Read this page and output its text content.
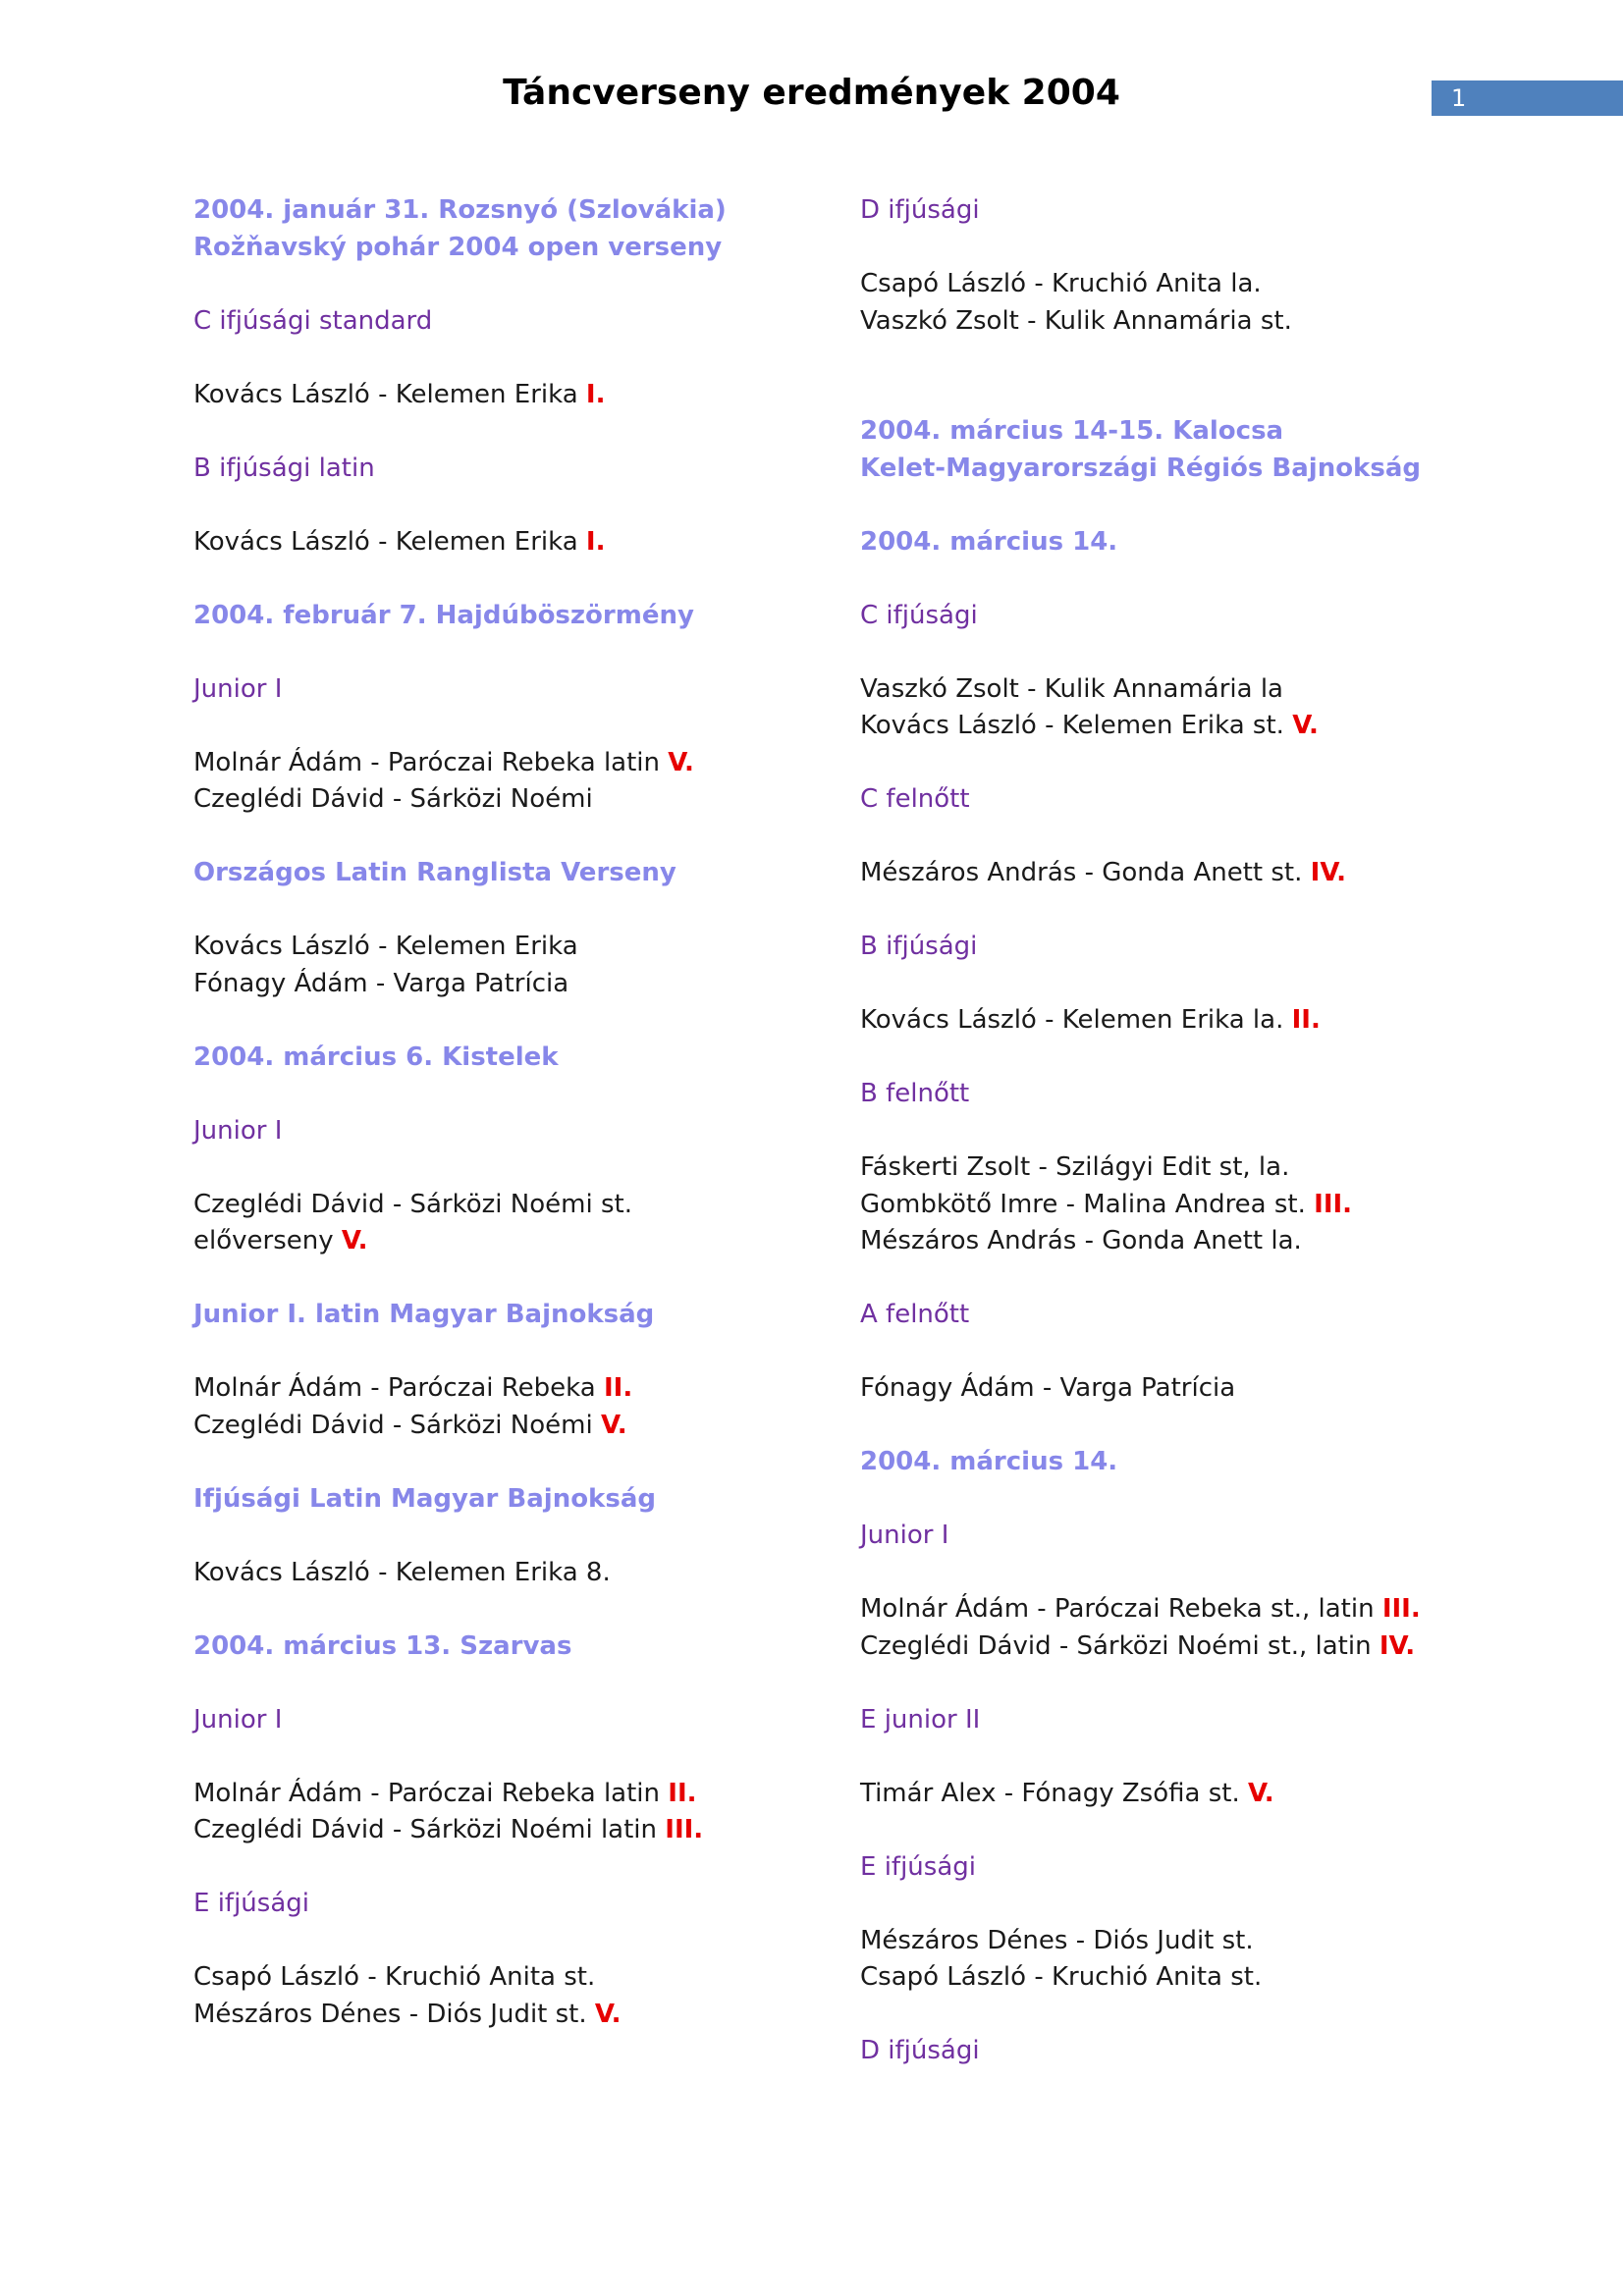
Táncverseny eredmények 2004	1
2004. január 31. Rozsnyó (Szlovákia)
Rožňavský pohár 2004 open verseny
C ifjúsági standard
Kovács László - Kelemen Erika I.
B ifjúsági latin
Kovács László - Kelemen Erika I.
2004. február 7. Hajdúböszörmény
Junior I
Molnár Ádám - Paróczai Rebeka latin V.
Czeglédi Dávid - Sárközi Noémi
Országos Latin Ranglista Verseny
Kovács László - Kelemen Erika
Fónagy Ádám - Varga Patrícia
2004. március 6. Kistelek
Junior I
Czeglédi Dávid - Sárközi Noémi st.
előverseny V.
Junior I. latin Magyar Bajnokság
Molnár Ádám - Paróczai Rebeka II.
Czeglédi Dávid - Sárközi Noémi V.
Ifjúsági Latin Magyar Bajnokság
Kovács László - Kelemen Erika 8.
2004. március 13. Szarvas
Junior I
Molnár Ádám - Paróczai Rebeka latin II.
Czeglédi Dávid - Sárközi Noémi latin III.
E ifjúsági
Csapó László - Kruchió Anita st.
Mészáros Dénes - Diós Judit st. V.
D ifjúsági
Csapó László - Kruchió Anita la.
Vaszkó Zsolt - Kulik Annamária st.
2004. március 14-15. Kalocsa
Kelet-Magyarországi Régiós Bajnokság
2004. március 14.
C ifjúsági
Vaszkó Zsolt - Kulik Annamária la
Kovács László - Kelemen Erika st. V.
C felnőtt
Mészáros András - Gonda Anett st. IV.
B ifjúsági
Kovács László - Kelemen Erika la. II.
B felnőtt
Fáskerti Zsolt - Szilágyi Edit st, la.
Gombkötő Imre - Malina Andrea st. III.
Mészáros András - Gonda Anett la.
A felnőtt
Fónagy Ádám - Varga Patrícia
2004. március 14.
Junior I
Molnár Ádám - Paróczai Rebeka st., latin III.
Czeglédi Dávid - Sárközi Noémi st., latin IV.
E junior II
Timár Alex - Fónagy Zsófia st. V.
E ifjúsági
Mészáros Dénes - Diós Judit st.
Csapó László - Kruchió Anita st.
D ifjúsági
